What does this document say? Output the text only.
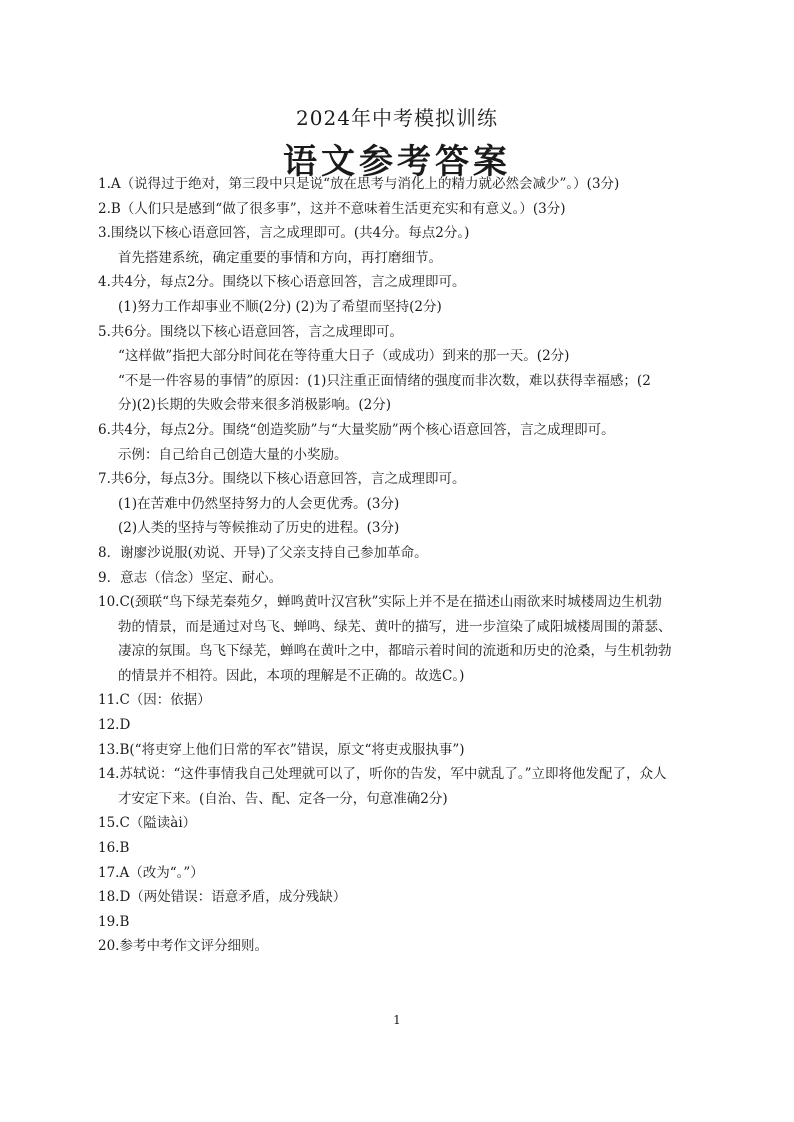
2024年中考模拟训练
语文参考答案
1.A（说得过于绝对，第三段中只是说“放在思考与消化上的精力就必然会减少”。）(3分)
2.B（人们只是感到“做了很多事”，这并不意味着生活更充实和有意义。）(3分)
3.围绕以下核心语意回答，言之成理即可。(共4分。每点2分。)
首先搭建系统，确定重要的事情和方向，再打磨细节。
4.共4分，每点2分。围绕以下核心语意回答，言之成理即可。
(1)努力工作却事业不顺(2分) (2)为了希望而坚持(2分)
5.共6分。围绕以下核心语意回答，言之成理即可。
“这样做”指把大部分时间花在等待重大日子（或成功）到来的那一天。(2分)
“不是一件容易的事情”的原因：(1)只注重正面情绪的强度而非次数，难以获得幸福感；(2
分)(2)长期的失败会带来很多消极影响。(2分)
6.共4分，每点2分。围绕“创造奖励”与“大量奖励”两个核心语意回答，言之成理即可。
示例：自己给自己创造大量的小奖励。
7.共6分，每点3分。围绕以下核心语意回答，言之成理即可。
(1)在苦难中仍然坚持努力的人会更优秀。(3分)
(2)人类的坚持与等候推动了历史的进程。(3分)
8．谢廖沙说服(劝说、开导)了父亲支持自己参加革命。
9．意志（信念）坚定、耐心。
10.C(颈联“鸟下绿芜秦苑夕，蝉鸣黄叶汉宫秋”实际上并不是在描述山雨欲来时城楼周边生机勃
勃的情景，而是通过对鸟飞、蝉鸣、绿芜、黄叶的描写，进一步渲染了咸阳城楼周围的萧瑟、
凄凉的氛围。鸟飞下绿芜，蝉鸣在黄叶之中，都暗示着时间的流逝和历史的沧桑，与生机勃勃
的情景并不相符。因此，本项的理解是不正确的。故选C。)
11.C（因：依据）
12.D
13.B(“将吏穿上他们日常的军衣”错误，原文“将吏戎服执事”)
14.苏轼说：“这件事情我自己处理就可以了，听你的告发，军中就乱了。”立即将他发配了，众人
才安定下来。(自治、告、配、定各一分，句意准确2分)
15.C（隘读ài）
16.B
17.A（改为“。”）
18.D（两处错误：语意矛盾，成分残缺）
19.B
20.参考中考作文评分细则。
1
